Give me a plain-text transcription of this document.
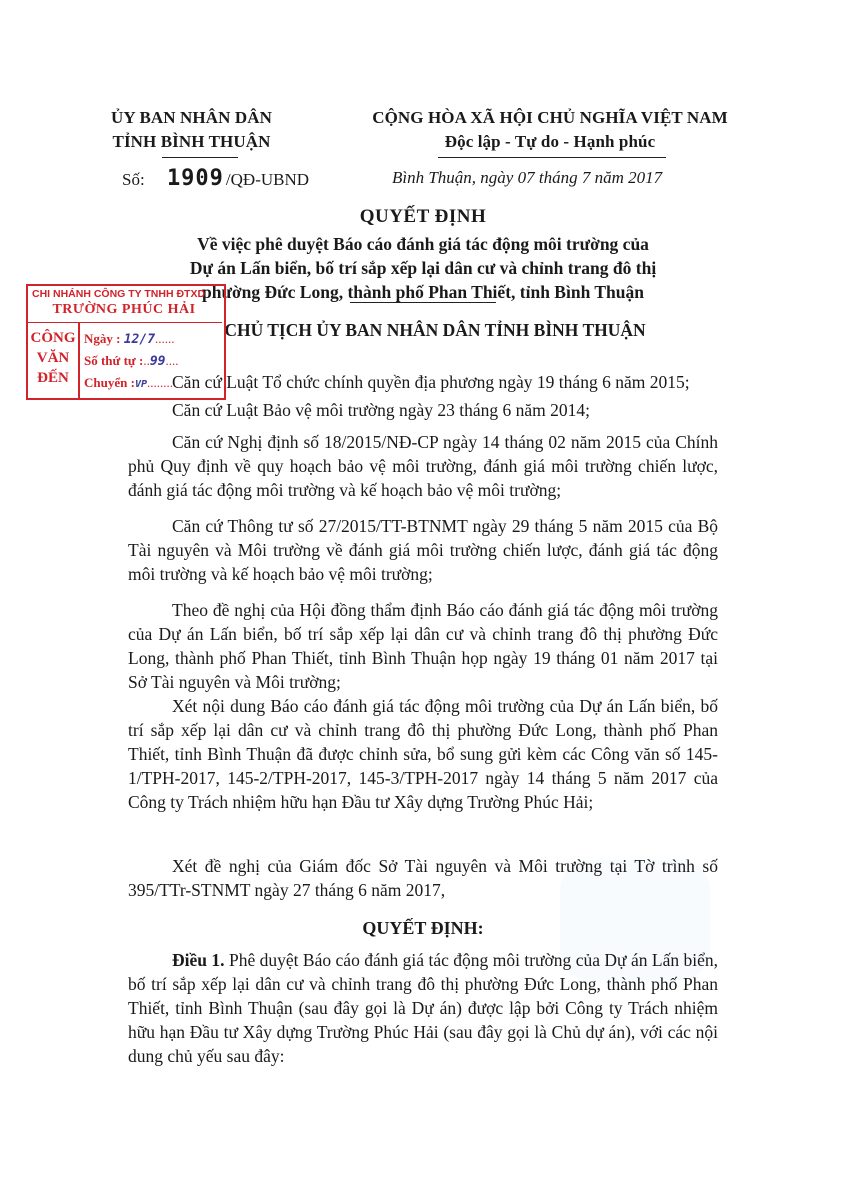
ỦY BAN NHÂN DÂN
TỈNH BÌNH THUẬN
CỘNG HÒA XÃ HỘI CHỦ NGHĨA VIỆT NAM
Độc lập - Tự do - Hạnh phúc
Số: 1909 /QĐ-UBND	Bình Thuận, ngày 07 tháng 7 năm 2017
QUYẾT ĐỊNH
Về việc phê duyệt Báo cáo đánh giá tác động môi trường của
Dự án Lấn biển, bố trí sắp xếp lại dân cư và chỉnh trang đô thị
phường Đức Long, thành phố Phan Thiết, tỉnh Bình Thuận
CHỦ TỊCH ỦY BAN NHÂN DÂN TỈNH BÌNH THUẬN
Căn cứ Luật Tổ chức chính quyền địa phương ngày 19 tháng 6 năm 2015;
Căn cứ Luật Bảo vệ môi trường ngày 23 tháng 6 năm 2014;
Căn cứ Nghị định số 18/2015/NĐ-CP ngày 14 tháng 02 năm 2015 của Chính phủ Quy định về quy hoạch bảo vệ môi trường, đánh giá môi trường chiến lược, đánh giá tác động môi trường và kế hoạch bảo vệ môi trường;
Căn cứ Thông tư số 27/2015/TT-BTNMT ngày 29 tháng 5 năm 2015 của Bộ Tài nguyên và Môi trường về đánh giá môi trường chiến lược, đánh giá tác động môi trường và kế hoạch bảo vệ môi trường;
Theo đề nghị của Hội đồng thẩm định Báo cáo đánh giá tác động môi trường của Dự án Lấn biển, bố trí sắp xếp lại dân cư và chỉnh trang đô thị phường Đức Long, thành phố Phan Thiết, tỉnh Bình Thuận họp ngày 19 tháng 01 năm 2017 tại Sở Tài nguyên và Môi trường;
Xét nội dung Báo cáo đánh giá tác động môi trường của Dự án Lấn biển, bố trí sắp xếp lại dân cư và chỉnh trang đô thị phường Đức Long, thành phố Phan Thiết, tỉnh Bình Thuận đã được chỉnh sửa, bổ sung gửi kèm các Công văn số 145-1/TPH-2017, 145-2/TPH-2017, 145-3/TPH-2017 ngày 14 tháng 5 năm 2017 của Công ty Trách nhiệm hữu hạn Đầu tư Xây dựng Trường Phúc Hải;
Xét đề nghị của Giám đốc Sở Tài nguyên và Môi trường tại Tờ trình số 395/TTr-STNMT ngày 27 tháng 6 năm 2017,
QUYẾT ĐỊNH:
Điều 1. Phê duyệt Báo cáo đánh giá tác động môi trường của Dự án Lấn biển, bố trí sắp xếp lại dân cư và chỉnh trang đô thị phường Đức Long, thành phố Phan Thiết, tỉnh Bình Thuận (sau đây gọi là Dự án) được lập bởi Công ty Trách nhiệm hữu hạn Đầu tư Xây dựng Trường Phúc Hải (sau đây gọi là Chủ dự án), với các nội dung chủ yếu sau đây:
CHI NHÁNH CÔNG TY TNHH ĐTXD
TRƯỜNG PHÚC HẢI
CÔNG
VĂN
ĐẾN
Ngày : 12/7......
Số thứ tự :..99....
Chuyển :VP........
